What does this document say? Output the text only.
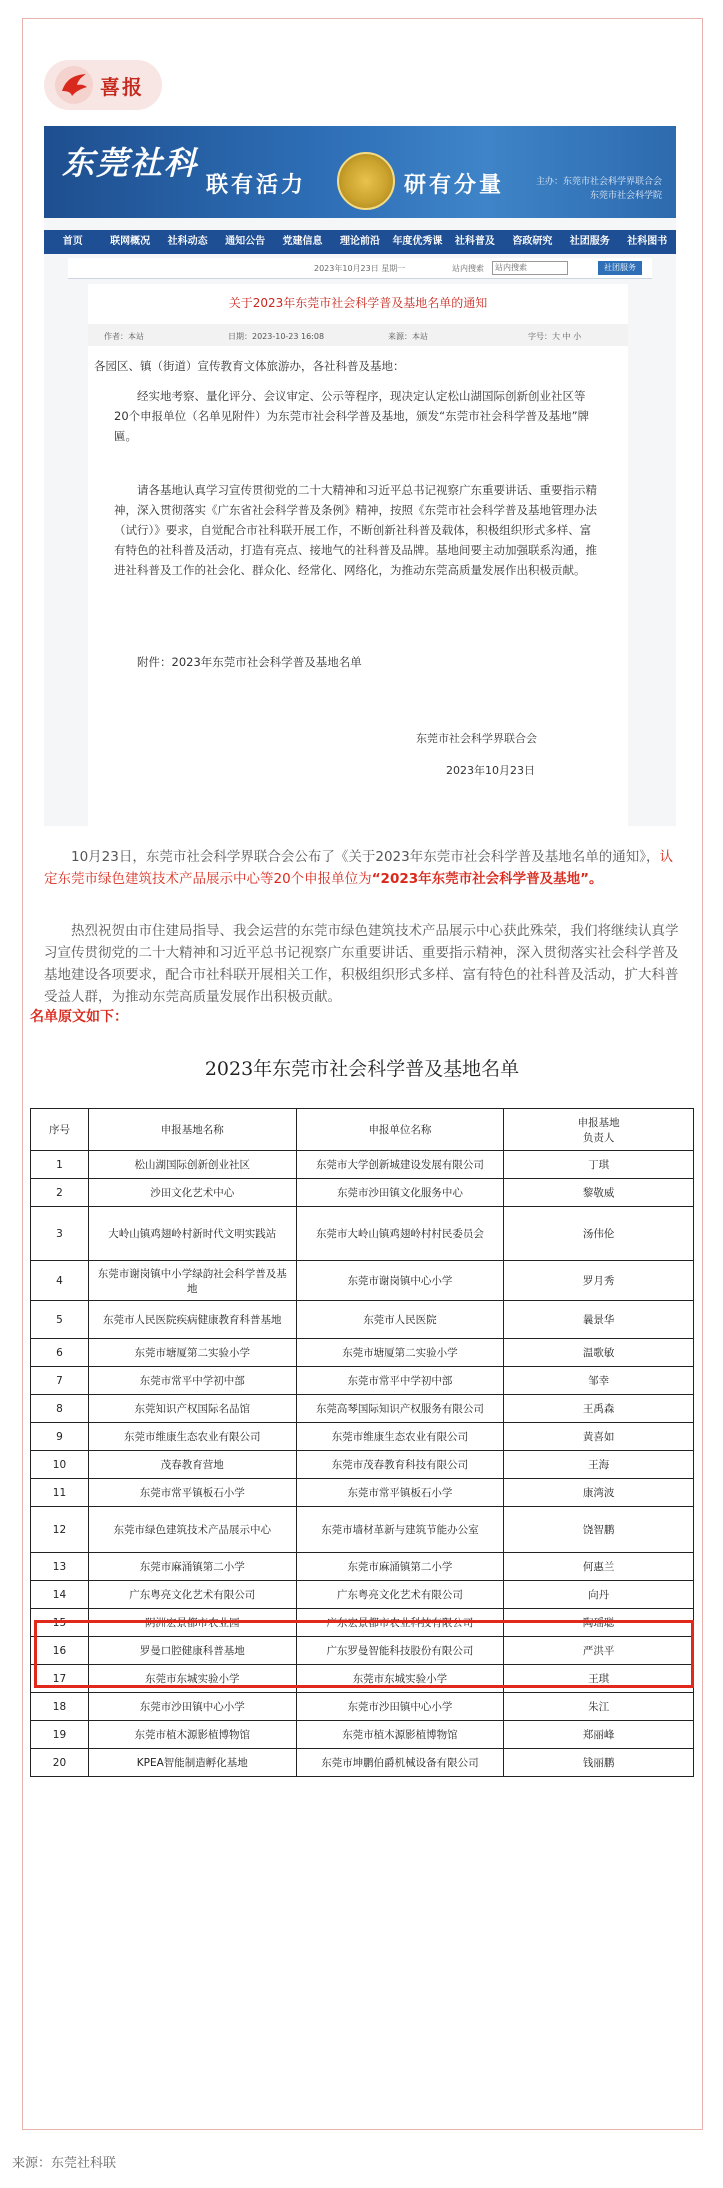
喜报
东莞社科
联有活力	研有分量	主办：东莞市社会科学界联合会
东莞市社会科学院
首页	联网概况	社科动态	通知公告	党建信息	理论前沿	年度优秀课	社科普及	咨政研究	社团服务	社科图书
2023年10月23日 星期一	站内搜索	站内搜索	社团服务
关于2023年东莞市社会科学普及基地名单的通知
作者：本站	日期：2023-10-23 16:08	来源：本站	字号：大 中 小

各园区、镇（街道）宣传教育文体旅游办，各社科普及基地：

经实地考察、量化评分、会议审定、公示等程序，现决定认定松山湖国际创新创业社区等20个申报单位（名单见附件）为东莞市社会科学普及基地，颁发“东莞市社会科学普及基地”牌匾。

请各基地认真学习宣传贯彻党的二十大精神和习近平总书记视察广东重要讲话、重要指示精神，深入贯彻落实《广东省社会科学普及条例》精神，按照《东莞市社会科学普及基地管理办法（试行）》要求，自觉配合市社科联开展工作，不断创新社科普及载体，积极组织形式多样、富有特色的社科普及活动，打造有亮点、接地气的社科普及品牌。基地间要主动加强联系沟通，推进社科普及工作的社会化、群众化、经常化、网络化，为推动东莞高质量发展作出积极贡献。

附件：2023年东莞市社会科学普及基地名单

东莞市社会科学界联合会
2023年10月23日

10月23日，东莞市社会科学界联合会公布了《关于2023年东莞市社会科学普及基地名单的通知》，认定东莞市绿色建筑技术产品展示中心等20个申报单位为“2023年东莞市社会科学普及基地”。

热烈祝贺由市住建局指导、我会运营的东莞市绿色建筑技术产品展示中心获此殊荣，我们将继续认真学习宣传贯彻党的二十大精神和习近平总书记视察广东重要讲话、重要指示精神，深入贯彻落实社会科学普及基地建设各项要求，配合市社科联开展相关工作，积极组织形式多样、富有特色的社科普及活动，扩大科普受益人群，为推动东莞高质量发展作出积极贡献。

名单原文如下：

2023年东莞市社会科学普及基地名单
序号	申报基地名称	申报单位名称	申报基地
负责人
1	松山湖国际创新创业社区	东莞市大学创新城建设发展有限公司	丁琪
2	沙田文化艺术中心	东莞市沙田镇文化服务中心	黎敬威
3	大岭山镇鸡翅岭村新时代文明实践站	东莞市大岭山镇鸡翅岭村村民委员会	汤伟伦
4	东莞市谢岗镇中小学绿韵社会科学普及基地	东莞市谢岗镇中心小学	罗月秀
5	东莞市人民医院疾病健康教育科普基地	东莞市人民医院	曩景华
6	东莞市塘厦第二实验小学	东莞市塘厦第二实验小学	温歌敏
7	东莞市常平中学初中部	东莞市常平中学初中部	邹幸
8	东莞知识产权国际名品馆	东莞高琴国际知识产权服务有限公司	王禹森
9	东莞市维康生态农业有限公司	东莞市维康生态农业有限公司	黄喜如
10	茂春教育营地	东莞市茂春教育科技有限公司	王海
11	东莞市常平镇板石小学	东莞市常平镇板石小学	康湾波
12	东莞市绿色建筑技术产品展示中心	东莞市墙材革新与建筑节能办公室	饶智鹏
13	东莞市麻涌镇第二小学	东莞市麻涌镇第二小学	何惠兰
14	广东粤亮文化艺术有限公司	广东粤亮文化艺术有限公司	向丹
15	阴洲宏景都市农业园	广东宏景都市农业科技有限公司	陶瑶聪
16	罗曼口腔健康科普基地	广东罗曼智能科技股份有限公司	严洪平
17	东莞市东城实验小学	东莞市东城实验小学	王琪
18	东莞市沙田镇中心小学	东莞市沙田镇中心小学	朱江
19	东莞市植木源影植博物馆	东莞市植木源影植博物馆	郑丽峰
20	KPEA智能制造孵化基地	东莞市坤鹏伯爵机械设备有限公司	钱丽鹏
来源：东莞社科联
